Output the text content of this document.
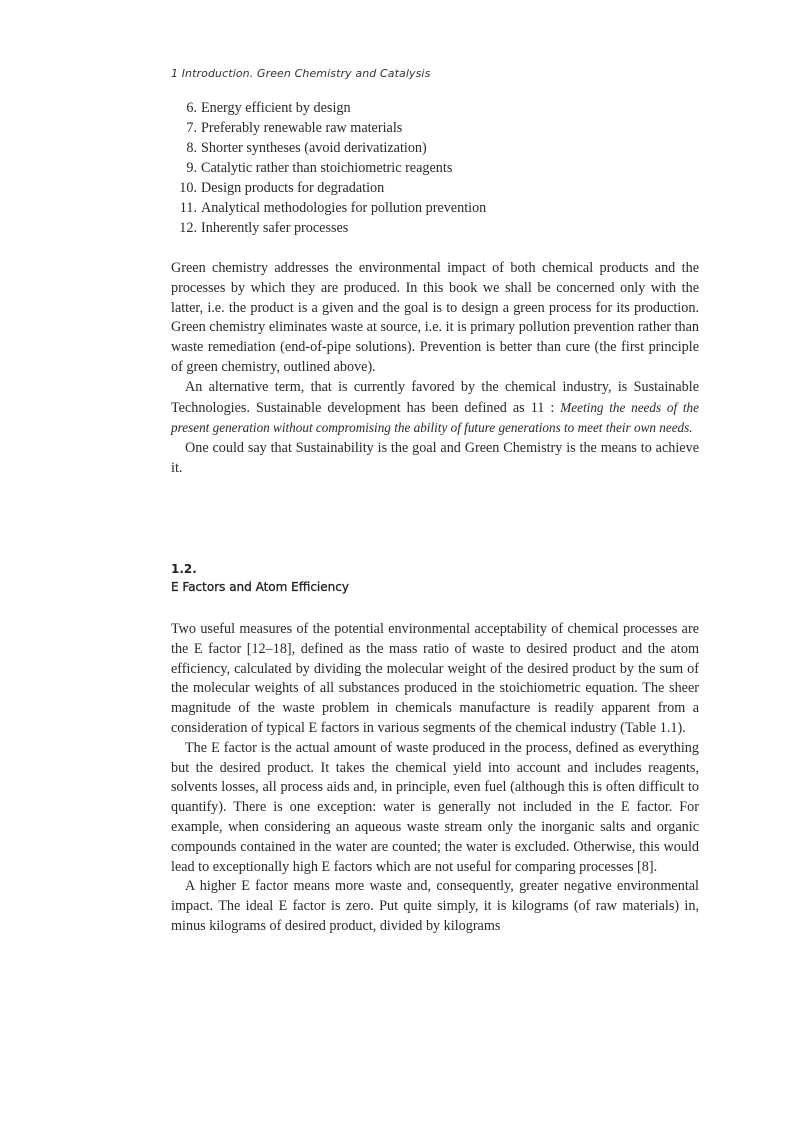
1 Introduction. Green Chemistry and Catalysis
6. Energy efficient by design
7. Preferably renewable raw materials
8. Shorter syntheses (avoid derivatization)
9. Catalytic rather than stoichiometric reagents
10. Design products for degradation
11. Analytical methodologies for pollution prevention
12. Inherently safer processes

Green chemistry addresses the environmental impact of both chemical products and the processes by which they are produced. In this book we shall be concerned only with the latter, i.e. the product is a given and the goal is to design a green process for its production. Green chemistry eliminates waste at source, i.e. it is primary pollution prevention rather than waste remediation (end-of-pipe solutions). Prevention is better than cure (the first principle of green chemistry, outlined above).

An alternative term, that is currently favored by the chemical industry, is Sustainable Technologies. Sustainable development has been defined as 11 : Meeting the needs of the present generation without compromising the ability of future generations to meet their own needs.

One could say that Sustainability is the goal and Green Chemistry is the means to achieve it.

1.2.
E Factors and Atom Efficiency

Two useful measures of the potential environmental acceptability of chemical processes are the E factor [12–18], defined as the mass ratio of waste to desired product and the atom efficiency, calculated by dividing the molecular weight of the desired product by the sum of the molecular weights of all substances produced in the stoichiometric equation. The sheer magnitude of the waste problem in chemicals manufacture is readily apparent from a consideration of typical E factors in various segments of the chemical industry (Table 1.1).

The E factor is the actual amount of waste produced in the process, defined as everything but the desired product. It takes the chemical yield into account and includes reagents, solvents losses, all process aids and, in principle, even fuel (although this is often difficult to quantify). There is one exception: water is generally not included in the E factor. For example, when considering an aqueous waste stream only the inorganic salts and organic compounds contained in the water are counted; the water is excluded. Otherwise, this would lead to exceptionally high E factors which are not useful for comparing processes [8].

A higher E factor means more waste and, consequently, greater negative environmental impact. The ideal E factor is zero. Put quite simply, it is kilograms (of raw materials) in, minus kilograms of desired product, divided by kilograms
